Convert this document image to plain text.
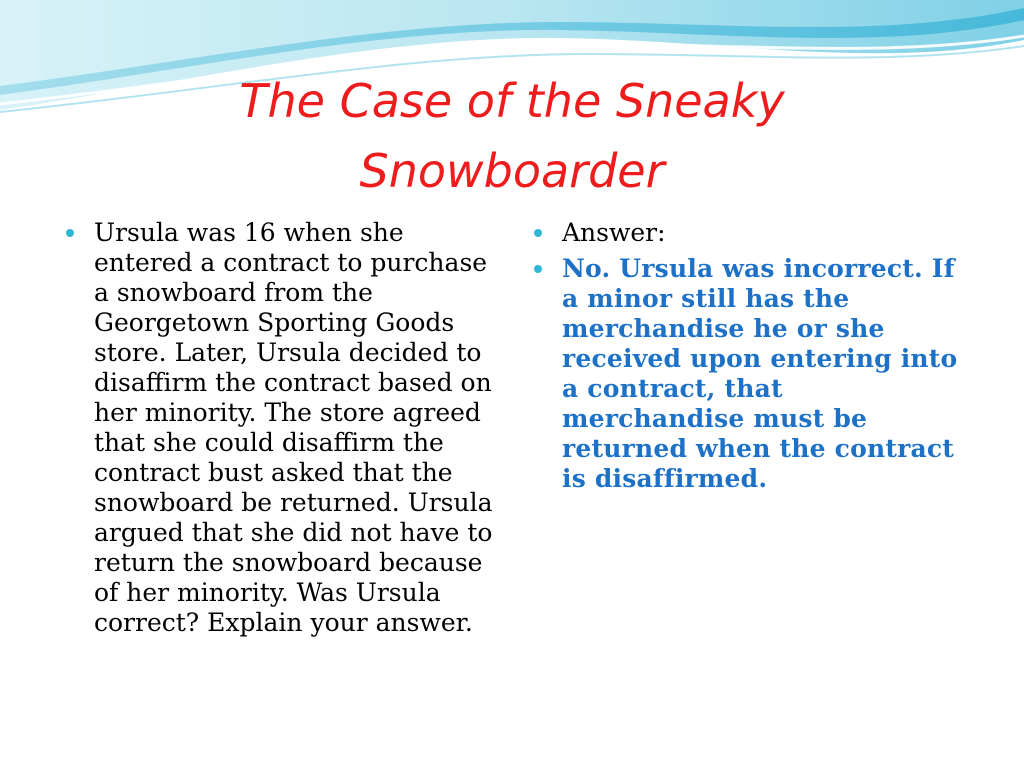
The Case of the Sneaky
Snowboarder
Ursula was 16 when she entered a contract to purchase a snowboard from the Georgetown Sporting Goods store. Later, Ursula decided to disaffirm the contract based on her minority. The store agreed that she could disaffirm the contract bust asked that the snowboard be returned. Ursula argued that she did not have to return the snowboard because of her minority. Was Ursula correct? Explain your answer.
Answer:
No. Ursula was incorrect. If a minor still has the merchandise he or she received upon entering into a contract, that merchandise must be returned when the contract is disaffirmed.
